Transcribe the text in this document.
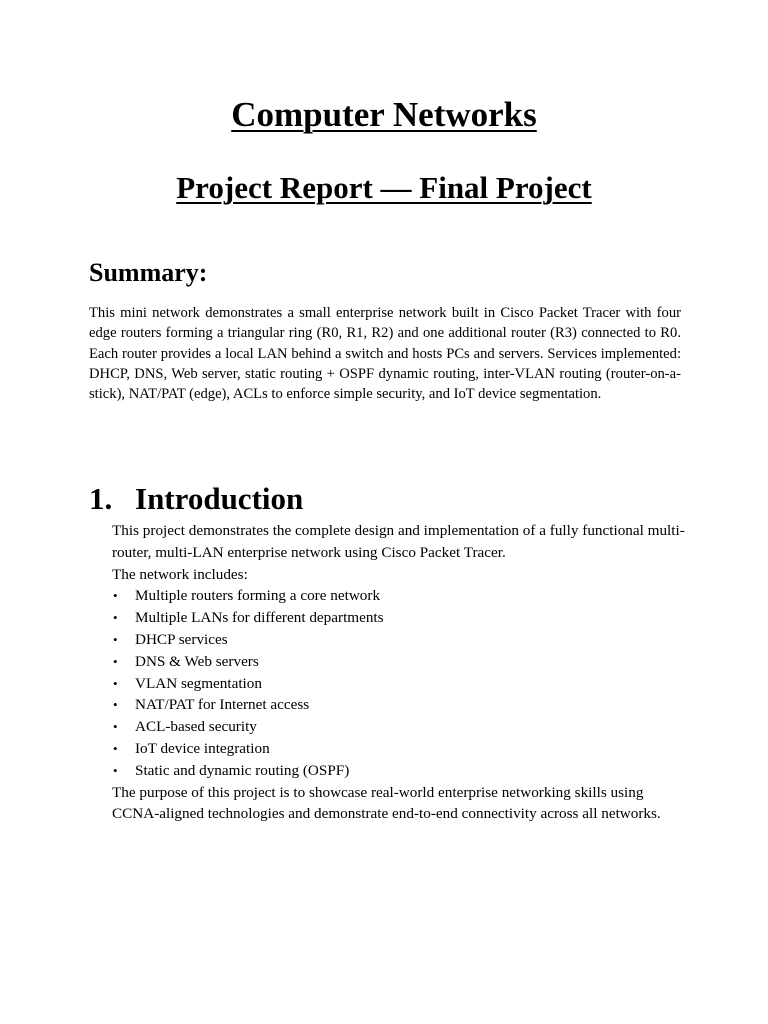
Computer Networks
Project Report — Final Project
Summary:

This mini network demonstrates a small enterprise network built in Cisco Packet Tracer with four edge routers forming a triangular ring (R0, R1, R2) and one additional router (R3) connected to R0. Each router provides a local LAN behind a switch and hosts PCs and servers. Services implemented: DHCP, DNS, Web server, static routing + OSPF dynamic routing, inter-VLAN routing (router-on-a-stick), NAT/PAT (edge), ACLs to enforce simple security, and IoT device segmentation.

1. Introduction

This project demonstrates the complete design and implementation of a fully functional multi-router, multi-LAN enterprise network using Cisco Packet Tracer.

The network includes:

• Multiple routers forming a core network
• Multiple LANs for different departments
• DHCP services
• DNS & Web servers
• VLAN segmentation
• NAT/PAT for Internet access
• ACL-based security
• IoT device integration
• Static and dynamic routing (OSPF)

The purpose of this project is to showcase real-world enterprise networking skills using CCNA-aligned technologies and demonstrate end-to-end connectivity across all networks.
